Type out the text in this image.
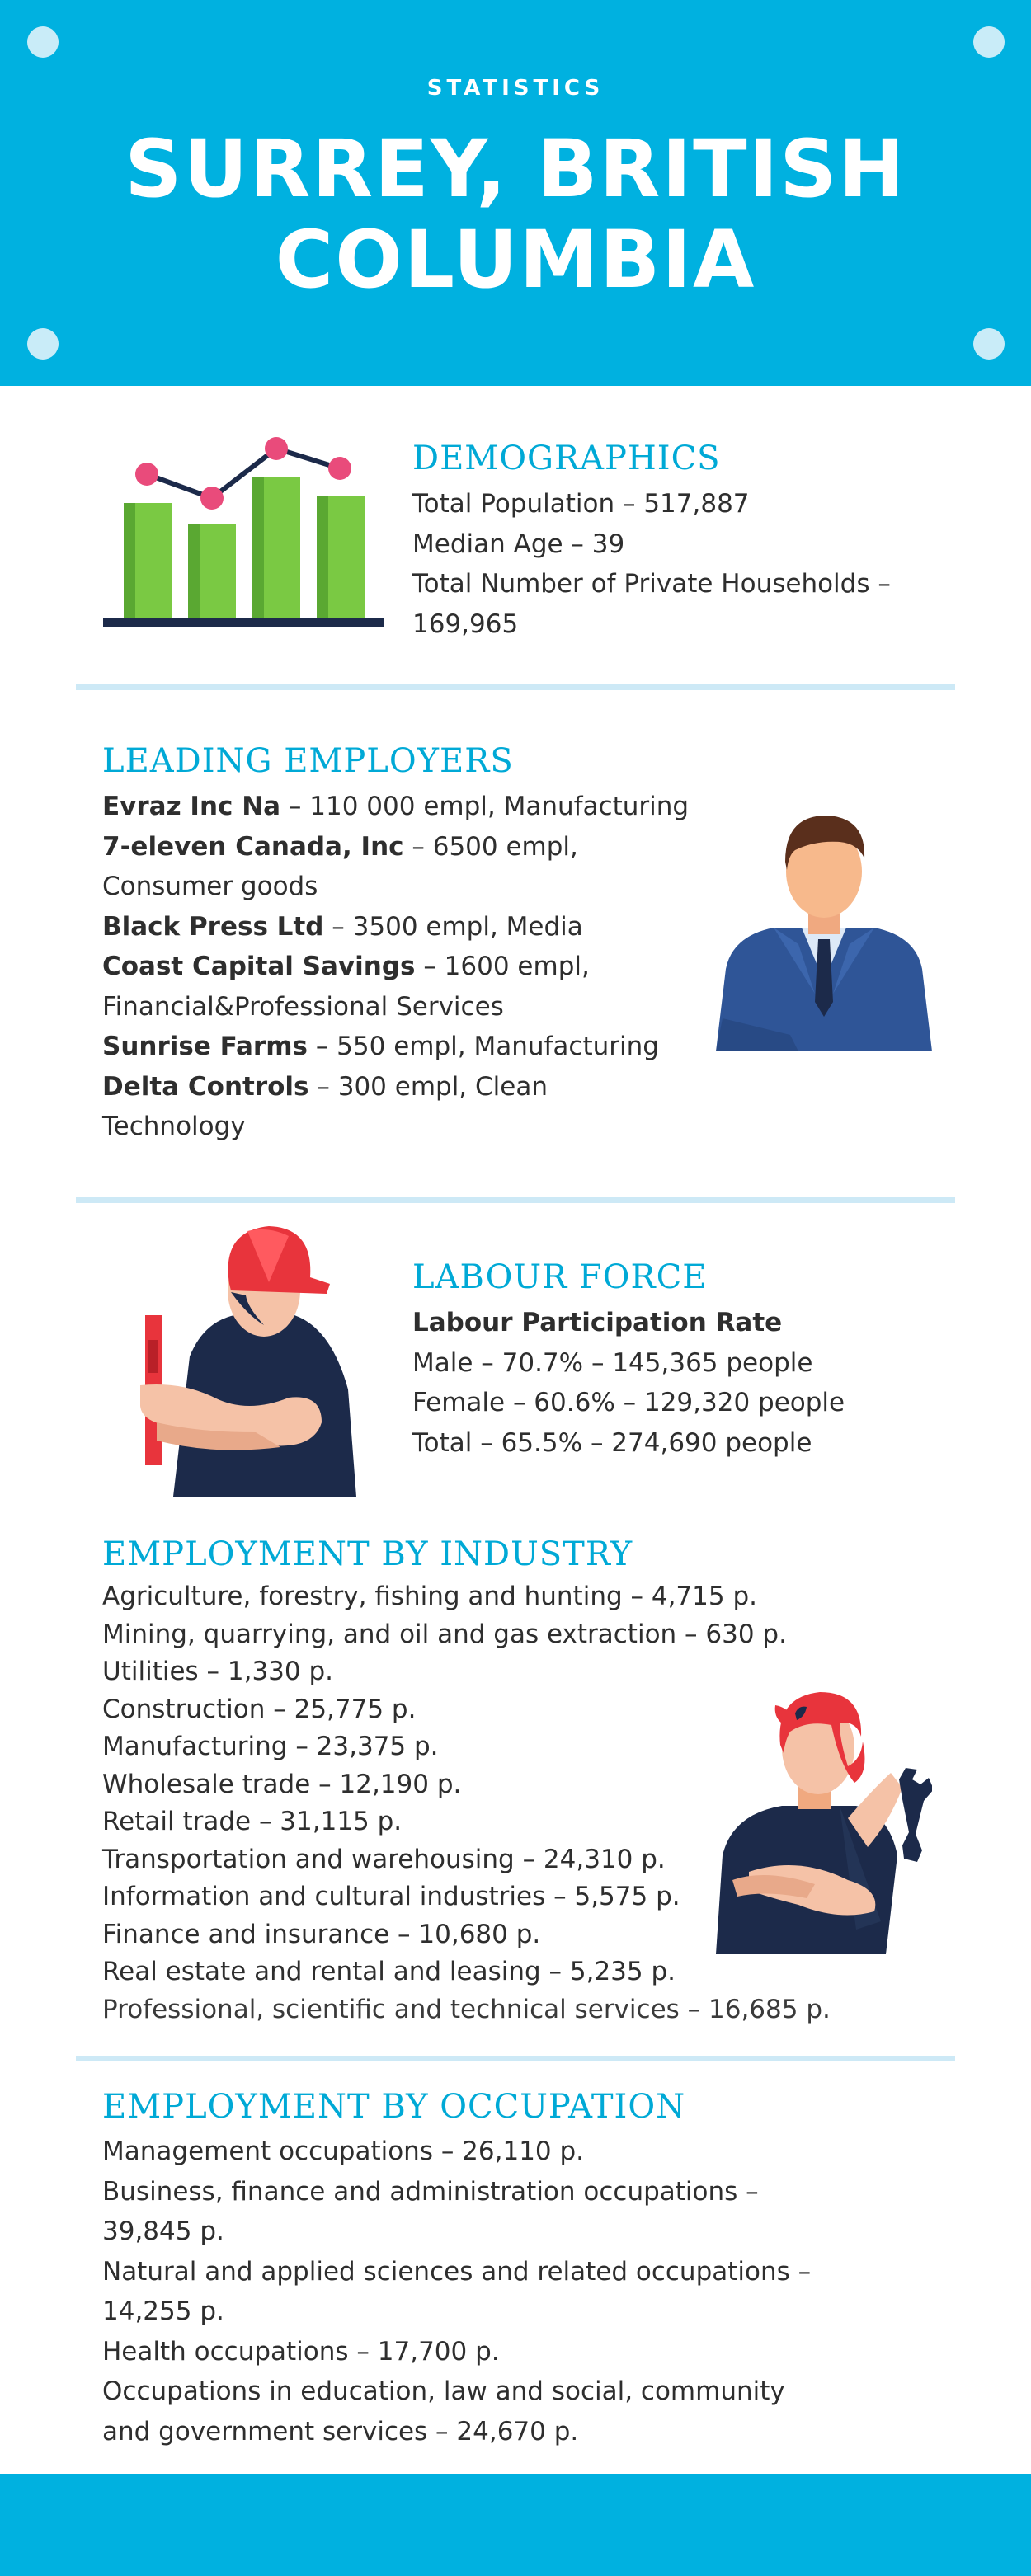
STATISTICS
SURREY, BRITISH
COLUMBIA
DEMOGRAPHICS
Total Population – 517,887
Median Age – 39
Total Number of Private Households –
169,965
LEADING EMPLOYERS
Evraz Inc Na – 110 000 empl, Manufacturing
7-eleven Canada, Inc – 6500 empl,
Consumer goods
Black Press Ltd – 3500 empl, Media
Coast Capital Savings – 1600 empl,
Financial&Professional Services
Sunrise Farms – 550 empl, Manufacturing
Delta Controls – 300 empl, Clean
Technology
LABOUR FORCE
Labour Participation Rate
Male – 70.7% – 145,365 people
Female – 60.6% – 129,320 people
Total – 65.5% – 274,690 people
EMPLOYMENT BY INDUSTRY
Agriculture, forestry, fishing and hunting – 4,715 p.
Mining, quarrying, and oil and gas extraction – 630 p.
Utilities – 1,330 p.
Construction – 25,775 p.
Manufacturing – 23,375 p.
Wholesale trade – 12,190 p.
Retail trade – 31,115 p.
Transportation and warehousing – 24,310 p.
Information and cultural industries – 5,575 p.
Finance and insurance – 10,680 p.
Real estate and rental and leasing – 5,235 p.
Professional, scientific and technical services – 16,685 p.
EMPLOYMENT BY OCCUPATION
Management occupations – 26,110 p.
Business, finance and administration occupations –
39,845 p.
Natural and applied sciences and related occupations –
14,255 p.
Health occupations – 17,700 p.
Occupations in education, law and social, community
and government services – 24,670 p.
